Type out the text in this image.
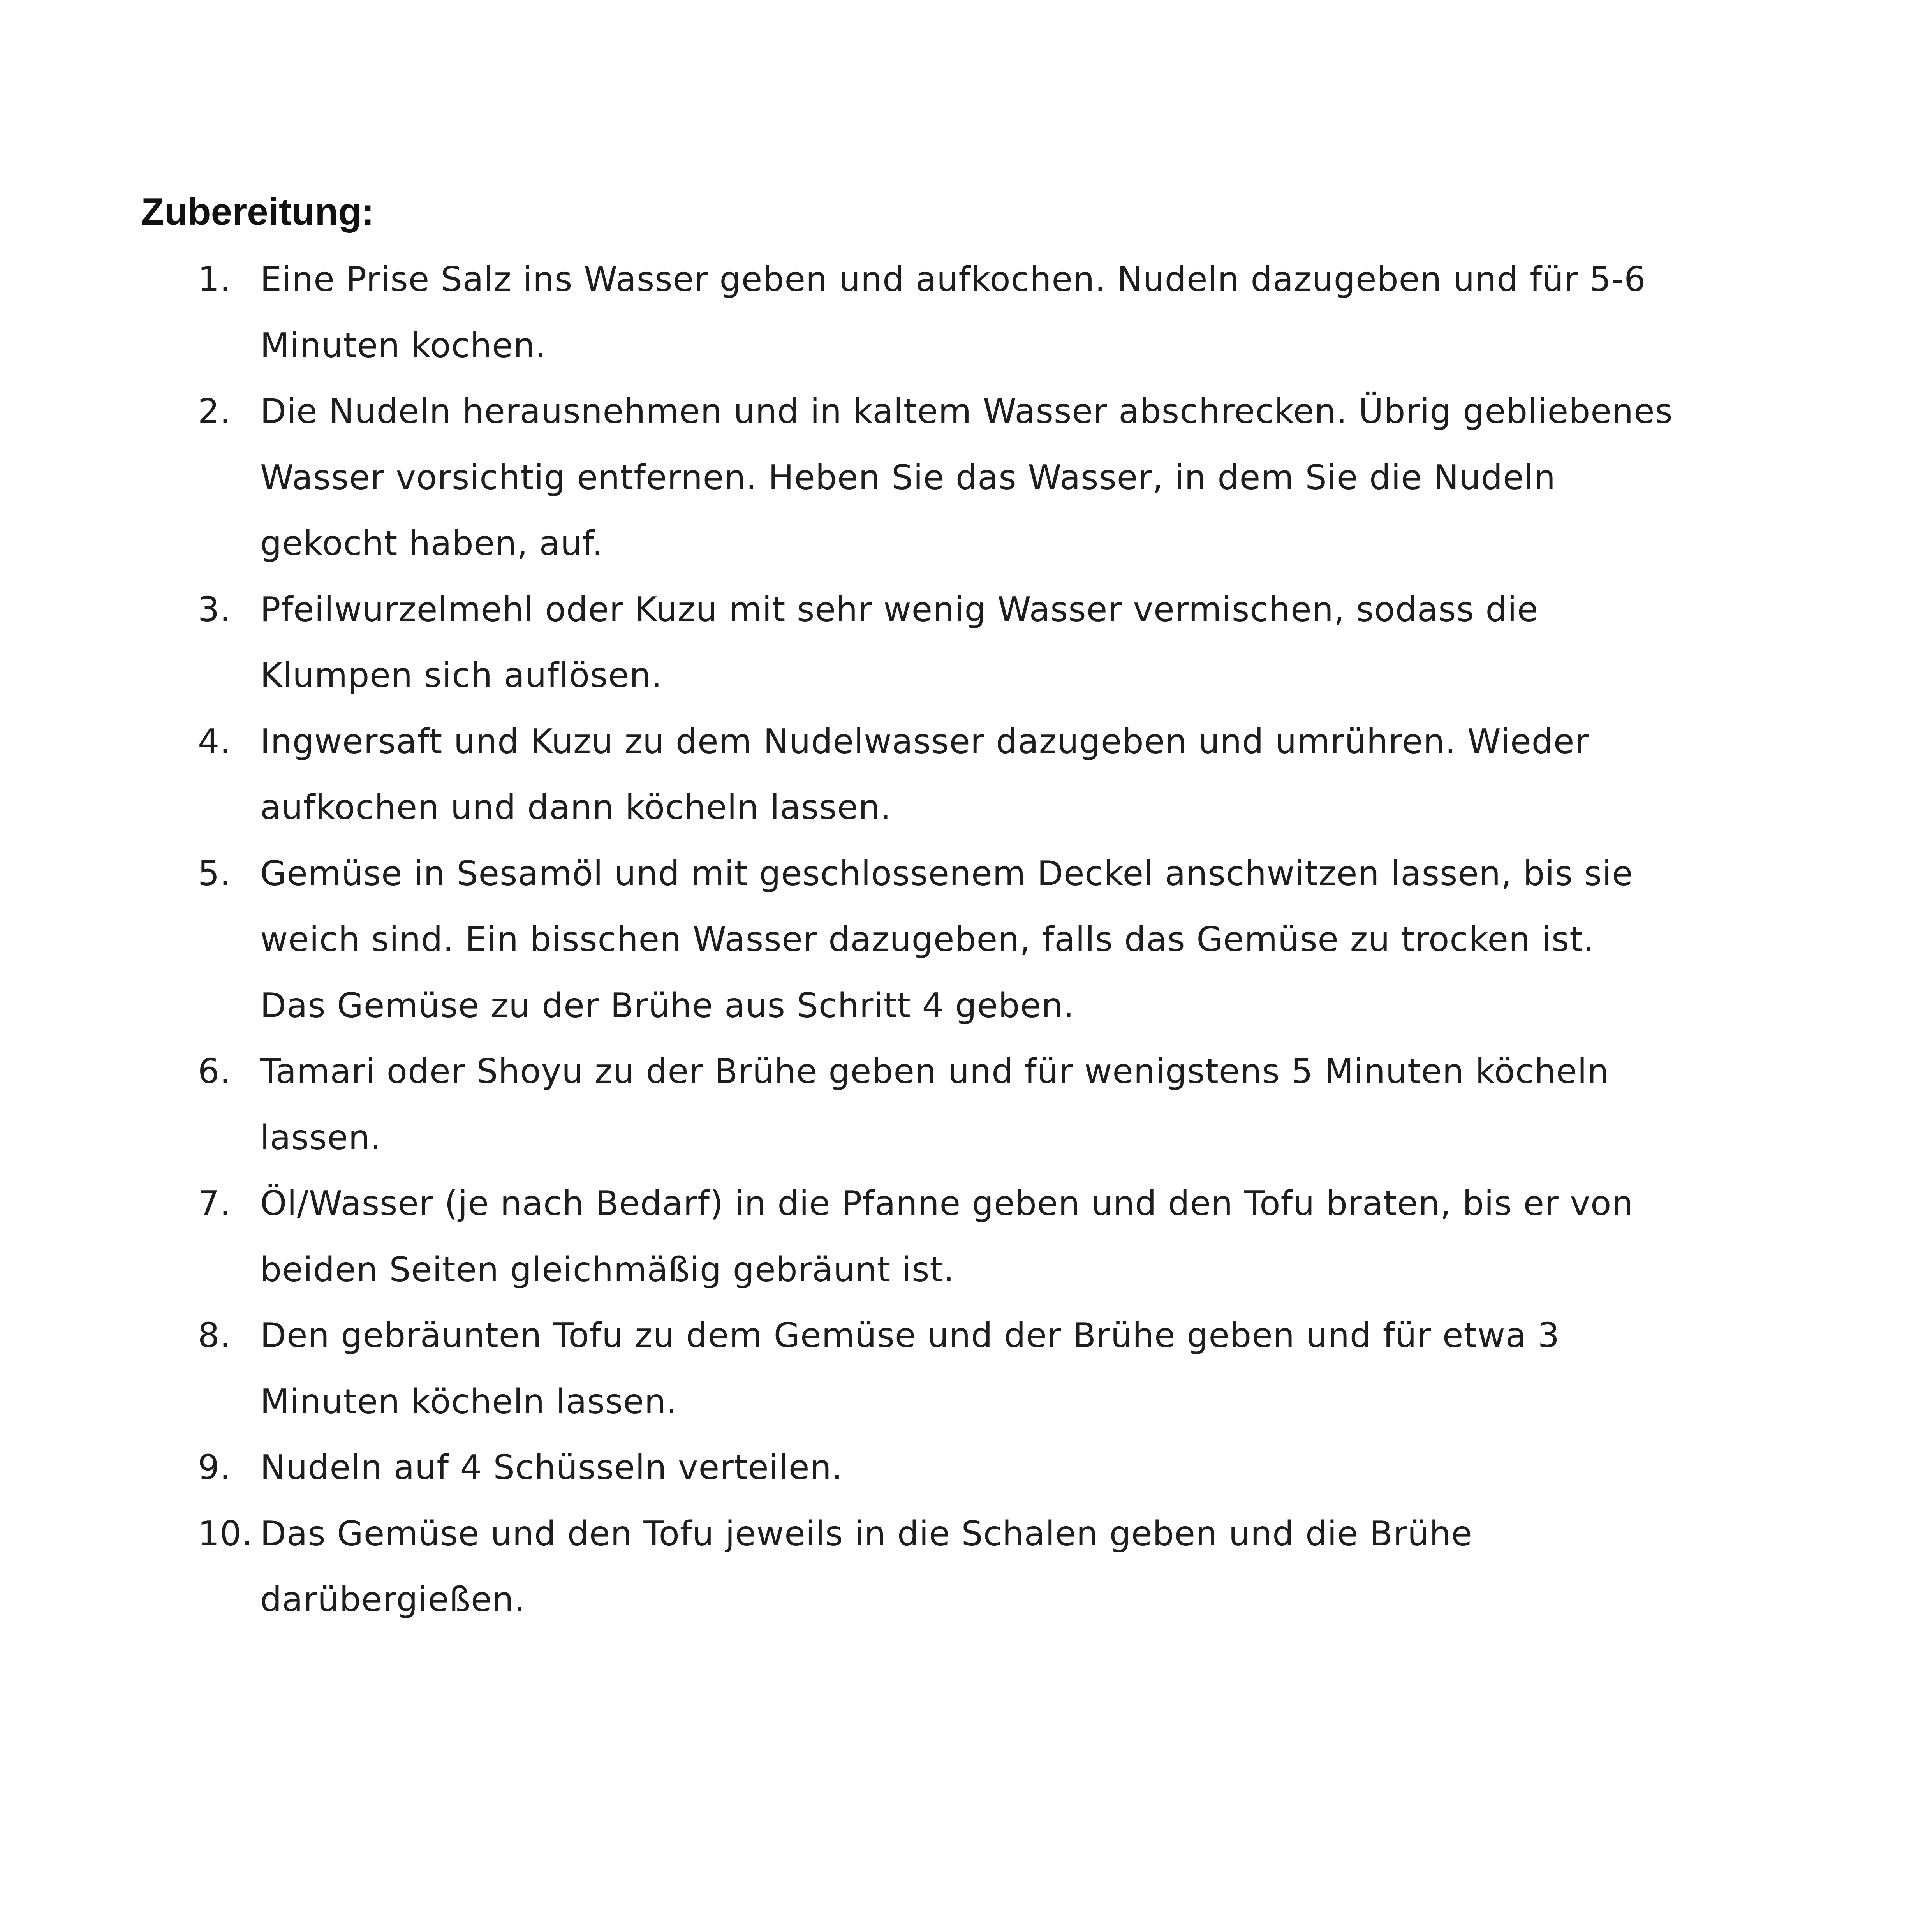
Zubereitung:
1. Eine Prise Salz ins Wasser geben und aufkochen. Nudeln dazugeben und für 5-6
Minuten kochen.
2. Die Nudeln herausnehmen und in kaltem Wasser abschrecken. Übrig gebliebenes
Wasser vorsichtig entfernen. Heben Sie das Wasser, in dem Sie die Nudeln
gekocht haben, auf.
3. Pfeilwurzelmehl oder Kuzu mit sehr wenig Wasser vermischen, sodass die
Klumpen sich auflösen.
4. Ingwersaft und Kuzu zu dem Nudelwasser dazugeben und umrühren. Wieder
aufkochen und dann köcheln lassen.
5. Gemüse in Sesamöl und mit geschlossenem Deckel anschwitzen lassen, bis sie
weich sind. Ein bisschen Wasser dazugeben, falls das Gemüse zu trocken ist.
Das Gemüse zu der Brühe aus Schritt 4 geben.
6. Tamari oder Shoyu zu der Brühe geben und für wenigstens 5 Minuten köcheln
lassen.
7. Öl/Wasser (je nach Bedarf) in die Pfanne geben und den Tofu braten, bis er von
beiden Seiten gleichmäßig gebräunt ist.
8. Den gebräunten Tofu zu dem Gemüse und der Brühe geben und für etwa 3
Minuten köcheln lassen.
9. Nudeln auf 4 Schüsseln verteilen.
10. Das Gemüse und den Tofu jeweils in die Schalen geben und die Brühe
darübergießen.
